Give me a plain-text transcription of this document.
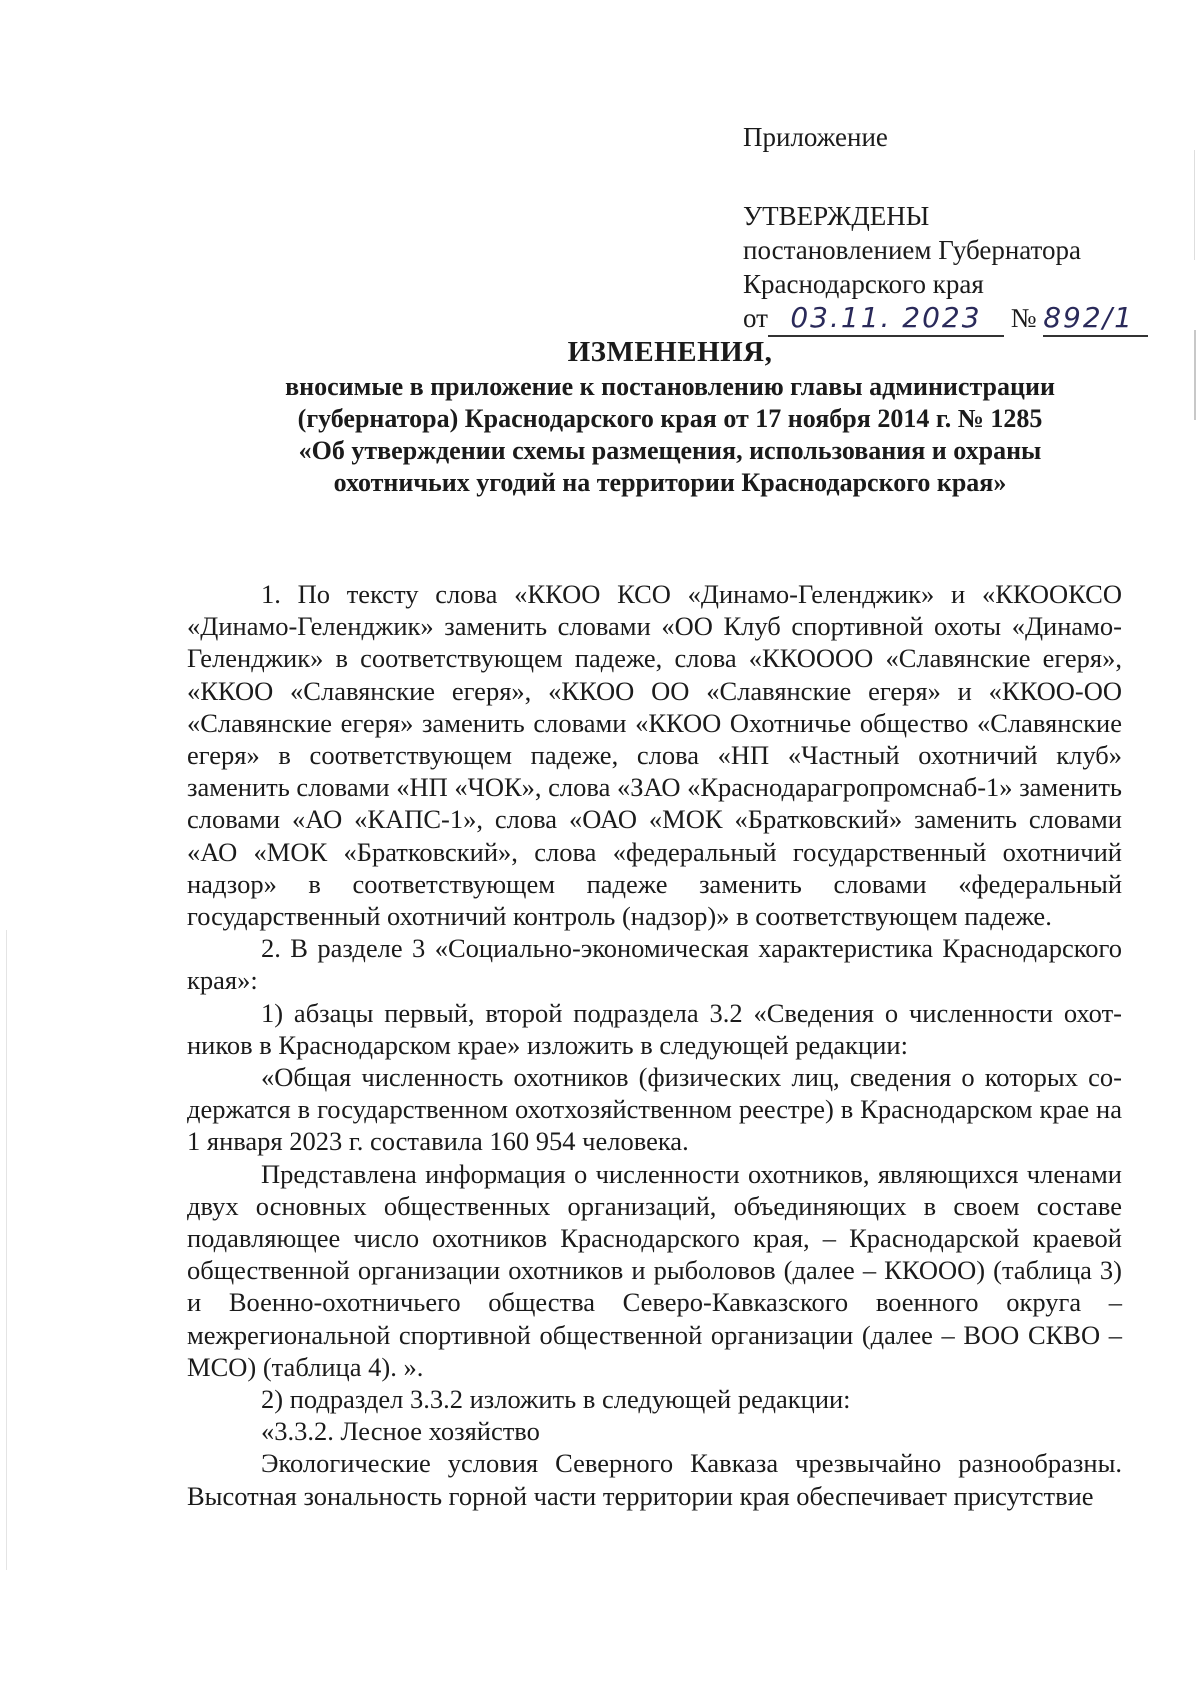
Приложение

УТВЕРЖДЕНЫ

постановлением Губернатора

Краснодарского края

от 03.11. 2023 № 892/1

ИЗМЕНЕНИЯ,

вносимые в приложение к постановлению главы администрации

(губернатора) Краснодарского края от 17 ноября 2014 г. № 1285

«Об утверждении схемы размещения, использования и охраны

охотничьих угодий на территории Краснодарского края»

1. По тексту слова «ККОО КСО «Динамо-Геленджик» и «ККООКСО «Динамо-Геленджик» заменить словами «ОО Клуб спортивной охоты «Динамо-Геленджик» в соответствующем падеже, слова «ККОООО «Славянские егеря», «ККОО «Славянские егеря», «ККОО ОО «Славянские егеря» и «ККОО-ОО «Славянские егеря» заменить словами «ККОО Охотничье общество «Славянские егеря» в соответствующем падеже, слова «НП «Частный охотничий клуб» заменить словами «НП «ЧОК», слова «ЗАО «Краснодарагропромснаб-1» заменить словами «АО «КАПС-1», слова «ОАО «МОК «Братковский» заменить словами «АО «МОК «Братковский», слова «федеральный государственный охотничий надзор» в соответствующем падеже заменить словами «федеральный государственный охотничий контроль (надзор)» в соответствующем падеже.

2. В разделе 3 «Социально-экономическая характеристика Краснодарского края»:

1) абзацы первый, второй подраздела 3.2 «Сведения о численности охотников в Краснодарском крае» изложить в следующей редакции:

«Общая численность охотников (физических лиц, сведения о которых содержатся в государственном охотхозяйственном реестре) в Краснодарском крае на 1 января 2023 г. составила 160 954 человека.

Представлена информация о численности охотников, являющихся членами двух основных общественных организаций, объединяющих в своем составе подавляющее число охотников Краснодарского края, – Краснодарской краевой общественной организации охотников и рыболовов (далее – ККООО) (таблица 3) и Военно-охотничьего общества Северо-Кавказского военного округа – межрегиональной спортивной общественной организации (далее – ВОО СКВО – МСО) (таблица 4). ».

2) подраздел 3.3.2 изложить в следующей редакции:

«3.3.2. Лесное хозяйство

Экологические условия Северного Кавказа чрезвычайно разнообразны. Высотная зональность горной части территории края обеспечивает присутствие
